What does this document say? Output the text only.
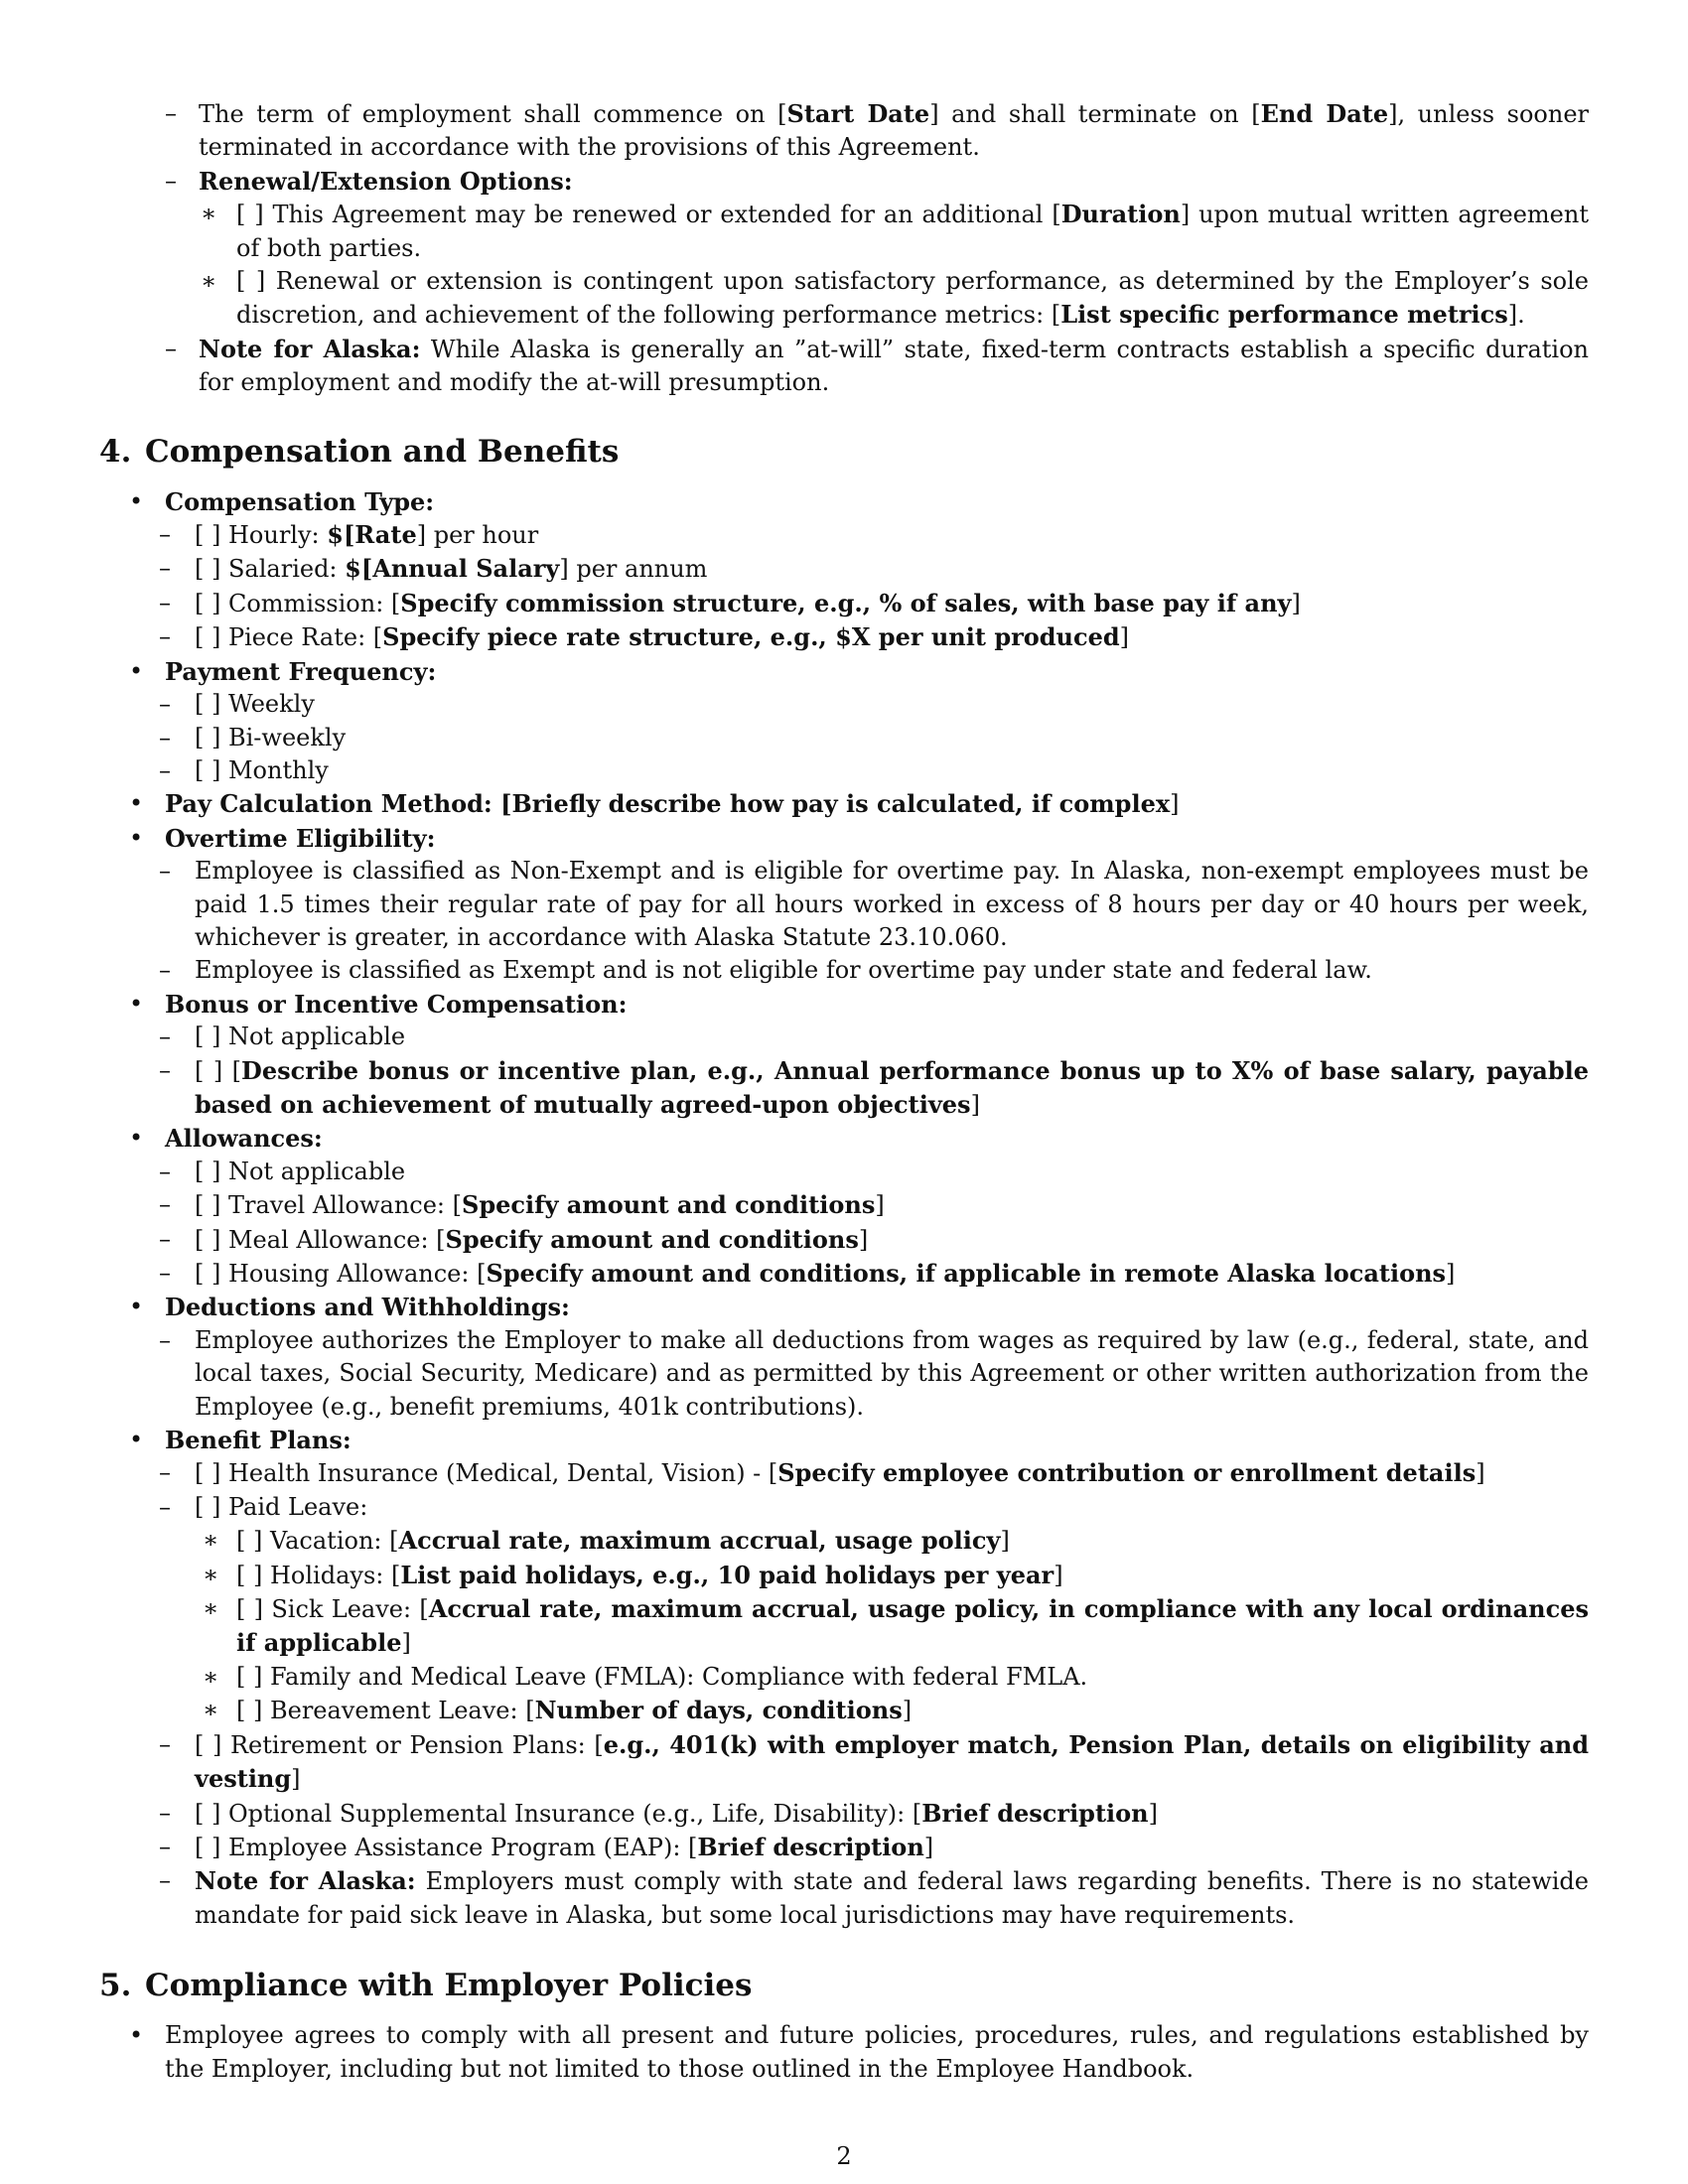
– The term of employment shall commence on [Start Date] and shall terminate on [End Date], unless sooner terminated in accordance with the provisions of this Agreement.

– Renewal/Extension Options:

∗ [ ] This Agreement may be renewed or extended for an additional [Duration] upon mutual written agreement of both parties.

∗ [ ] Renewal or extension is contingent upon satisfactory performance, as determined by the Employer’s sole discretion, and achievement of the following performance metrics: [List specific performance metrics].

– Note for Alaska: While Alaska is generally an ”at-will” state, fixed-term contracts establish a specific duration for employment and modify the at-will presumption.

4. Compensation and Benefits
• Compensation Type:

– [ ] Hourly: $[Rate] per hour

– [ ] Salaried: $[Annual Salary] per annum

– [ ] Commission: [Specify commission structure, e.g., % of sales, with base pay if any]

– [ ] Piece Rate: [Specify piece rate structure, e.g., $X per unit produced]

• Payment Frequency:

– [ ] Weekly

– [ ] Bi-weekly

– [ ] Monthly

• Pay Calculation Method: [Briefly describe how pay is calculated, if complex]

• Overtime Eligibility:

– Employee is classified as Non-Exempt and is eligible for overtime pay. In Alaska, non-exempt employees must be paid 1.5 times their regular rate of pay for all hours worked in excess of 8 hours per day or 40 hours per week, whichever is greater, in accordance with Alaska Statute 23.10.060.

– Employee is classified as Exempt and is not eligible for overtime pay under state and federal law.

• Bonus or Incentive Compensation:

– [ ] Not applicable

– [ ] [Describe bonus or incentive plan, e.g., Annual performance bonus up to X% of base salary, payable based on achievement of mutually agreed-upon objectives]

• Allowances:

– [ ] Not applicable

– [ ] Travel Allowance: [Specify amount and conditions]

– [ ] Meal Allowance: [Specify amount and conditions]

– [ ] Housing Allowance: [Specify amount and conditions, if applicable in remote Alaska locations]

• Deductions and Withholdings:

– Employee authorizes the Employer to make all deductions from wages as required by law (e.g., federal, state, and local taxes, Social Security, Medicare) and as permitted by this Agreement or other written authorization from the Employee (e.g., benefit premiums, 401k contributions).

• Benefit Plans:

– [ ] Health Insurance (Medical, Dental, Vision) - [Specify employee contribution or enrollment details]

– [ ] Paid Leave:

∗ [ ] Vacation: [Accrual rate, maximum accrual, usage policy]

∗ [ ] Holidays: [List paid holidays, e.g., 10 paid holidays per year]

∗ [ ] Sick Leave: [Accrual rate, maximum accrual, usage policy, in compliance with any local ordinances if applicable]

∗ [ ] Family and Medical Leave (FMLA): Compliance with federal FMLA.

∗ [ ] Bereavement Leave: [Number of days, conditions]

– [ ] Retirement or Pension Plans: [e.g., 401(k) with employer match, Pension Plan, details on eligibility and vesting]

– [ ] Optional Supplemental Insurance (e.g., Life, Disability): [Brief description]

– [ ] Employee Assistance Program (EAP): [Brief description]

– Note for Alaska: Employers must comply with state and federal laws regarding benefits. There is no statewide mandate for paid sick leave in Alaska, but some local jurisdictions may have requirements.

5. Compliance with Employer Policies
• Employee agrees to comply with all present and future policies, procedures, rules, and regulations established by the Employer, including but not limited to those outlined in the Employee Handbook.

2
